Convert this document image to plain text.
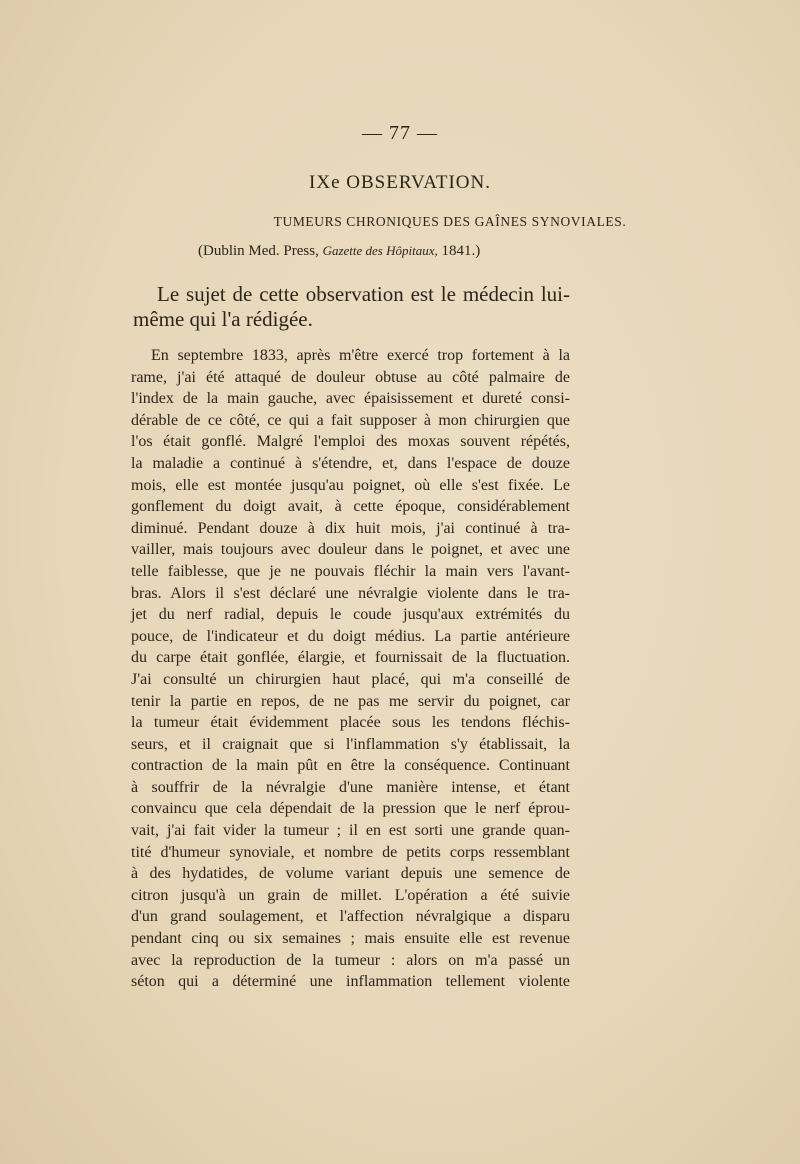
— 77 —
IXe OBSERVATION.
TUMEURS CHRONIQUES DES GAÎNES SYNOVIALES.
(Dublin Med. Press, Gazette des Hôpitaux, 1841.)
Le sujet de cette observation est le médecin lui-même qui l'a rédigée.
En septembre 1833, après m'être exercé trop fortement à la
rame, j'ai été attaqué de douleur obtuse au côté palmaire de
l'index de la main gauche, avec épaisissement et dureté consi-
dérable de ce côté, ce qui a fait supposer à mon chirurgien que
l'os était gonflé. Malgré l'emploi des moxas souvent répétés,
la maladie a continué à s'étendre, et, dans l'espace de douze
mois, elle est montée jusqu'au poignet, où elle s'est fixée. Le
gonflement du doigt avait, à cette époque, considérablement
diminué. Pendant douze à dix huit mois, j'ai continué à tra-
vailler, mais toujours avec douleur dans le poignet, et avec une
telle faiblesse, que je ne pouvais fléchir la main vers l'avant-
bras. Alors il s'est déclaré une névralgie violente dans le tra-
jet du nerf radial, depuis le coude jusqu'aux extrémités du
pouce, de l'indicateur et du doigt médius. La partie antérieure
du carpe était gonflée, élargie, et fournissait de la fluctuation.
J'ai consulté un chirurgien haut placé, qui m'a conseillé de
tenir la partie en repos, de ne pas me servir du poignet, car
la tumeur était évidemment placée sous les tendons fléchis-
seurs, et il craignait que si l'inflammation s'y établissait, la
contraction de la main pût en être la conséquence. Continuant
à souffrir de la névralgie d'une manière intense, et étant
convaincu que cela dépendait de la pression que le nerf éprou-
vait, j'ai fait vider la tumeur ; il en est sorti une grande quan-
tité d'humeur synoviale, et nombre de petits corps ressemblant
à des hydatides, de volume variant depuis une semence de
citron jusqu'à un grain de millet. L'opération a été suivie
d'un grand soulagement, et l'affection névralgique a disparu
pendant cinq ou six semaines ; mais ensuite elle est revenue
avec la reproduction de la tumeur : alors on m'a passé un
séton qui a déterminé une inflammation tellement violente
